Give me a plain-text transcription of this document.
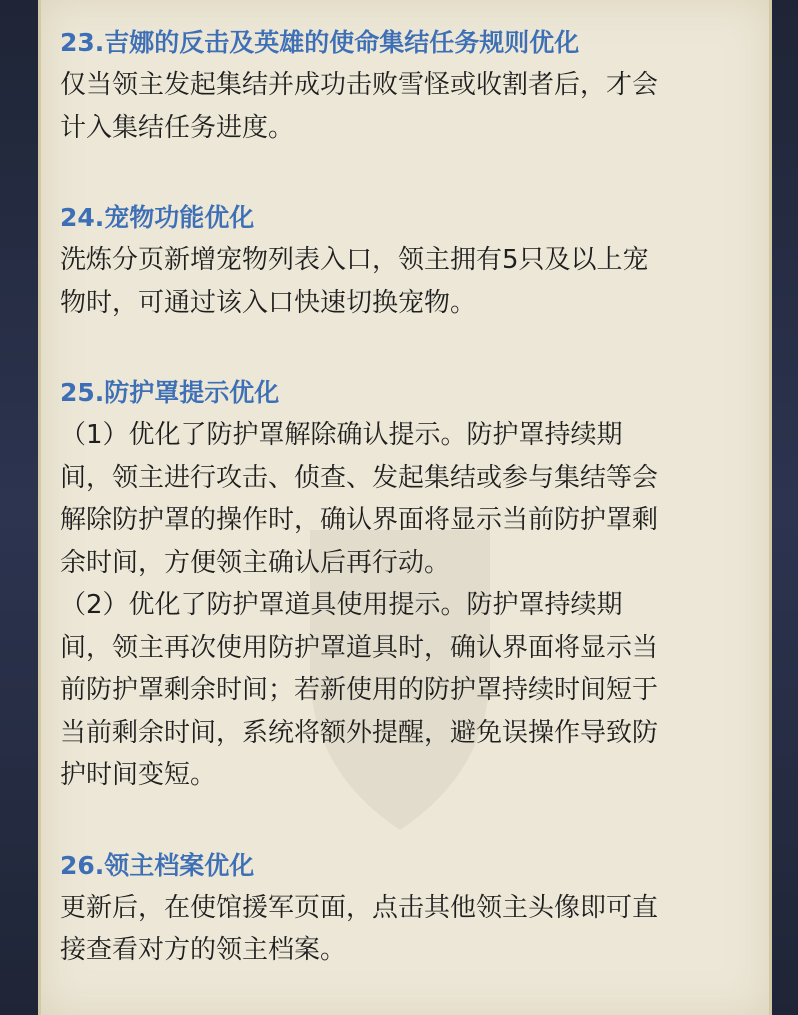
23.吉娜的反击及英雄的使命集结任务规则优化
仅当领主发起集结并成功击败雪怪或收割者后，才会
计入集结任务进度。
24.宠物功能优化
洗炼分页新增宠物列表入口，领主拥有5只及以上宠
物时，可通过该入口快速切换宠物。
25.防护罩提示优化
（1）优化了防护罩解除确认提示。防护罩持续期
间，领主进行攻击、侦查、发起集结或参与集结等会
解除防护罩的操作时，确认界面将显示当前防护罩剩
余时间，方便领主确认后再行动。
（2）优化了防护罩道具使用提示。防护罩持续期
间，领主再次使用防护罩道具时，确认界面将显示当
前防护罩剩余时间；若新使用的防护罩持续时间短于
当前剩余时间，系统将额外提醒，避免误操作导致防
护时间变短。
26.领主档案优化
更新后，在使馆援军页面，点击其他领主头像即可直
接查看对方的领主档案。
